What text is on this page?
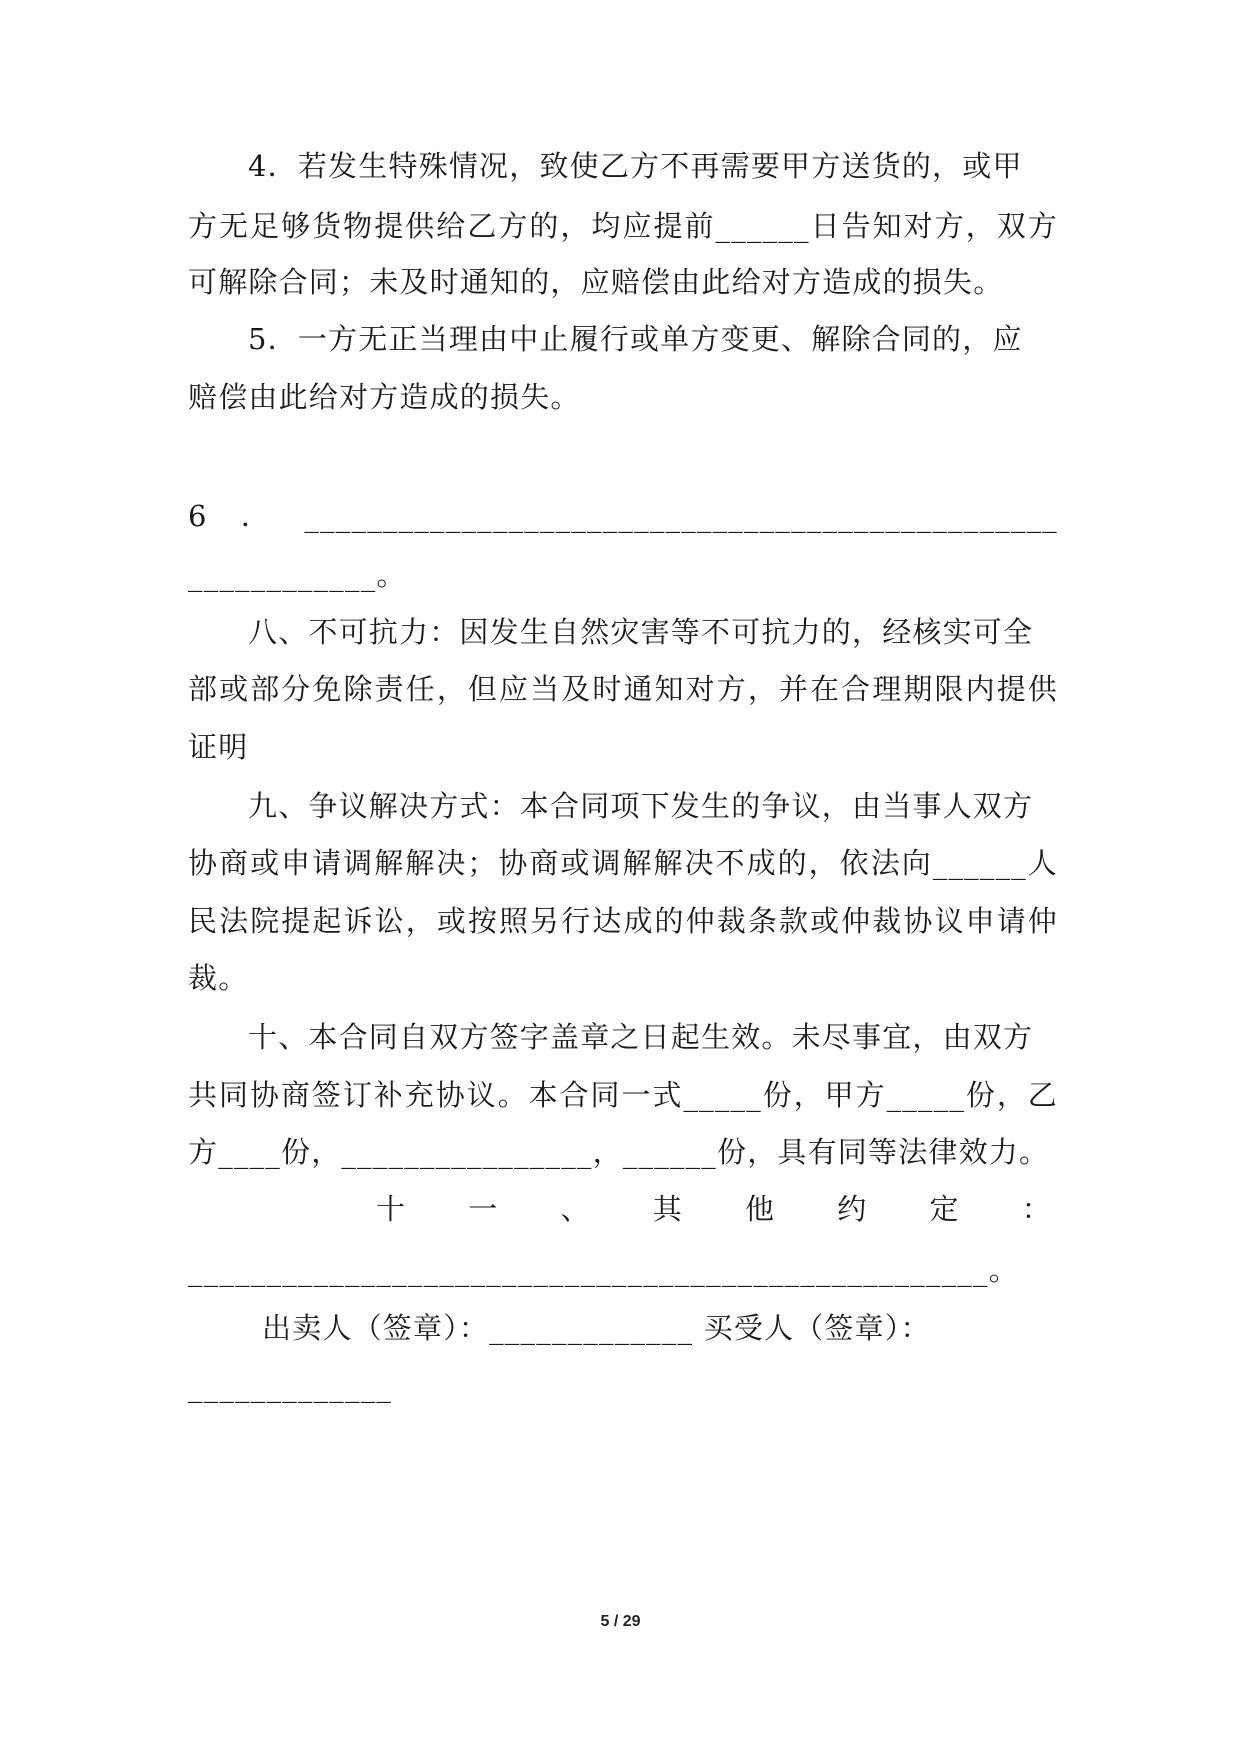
4．若发生特殊情况，致使乙方不再需要甲方送货的，或甲
方无足够货物提供给乙方的，均应提前______日告知对方，双方
可解除合同；未及时通知的，应赔偿由此给对方造成的损失。
5．一方无正当理由中止履行或单方变更、解除合同的，应
赔偿由此给对方造成的损失。
6．________________________________________________
____________。
八、不可抗力：因发生自然灾害等不可抗力的，经核实可全
部或部分免除责任，但应当及时通知对方，并在合理期限内提供
证明
九、争议解决方式：本合同项下发生的争议，由当事人双方
协商或申请调解解决；协商或调解解决不成的，依法向______人
民法院提起诉讼，或按照另行达成的仲裁条款或仲裁协议申请仲
裁。
十、本合同自双方签字盖章之日起生效。未尽事宜，由双方
共同协商签订补充协议。本合同一式_____份，甲方_____份，乙
方____份，________________，______份，具有同等法律效力。
十 一 、 其 他 约 定 ：
___________________________________________________。
出卖人（签章）：_____________ 买受人（签章）：
_____________
5 / 29
